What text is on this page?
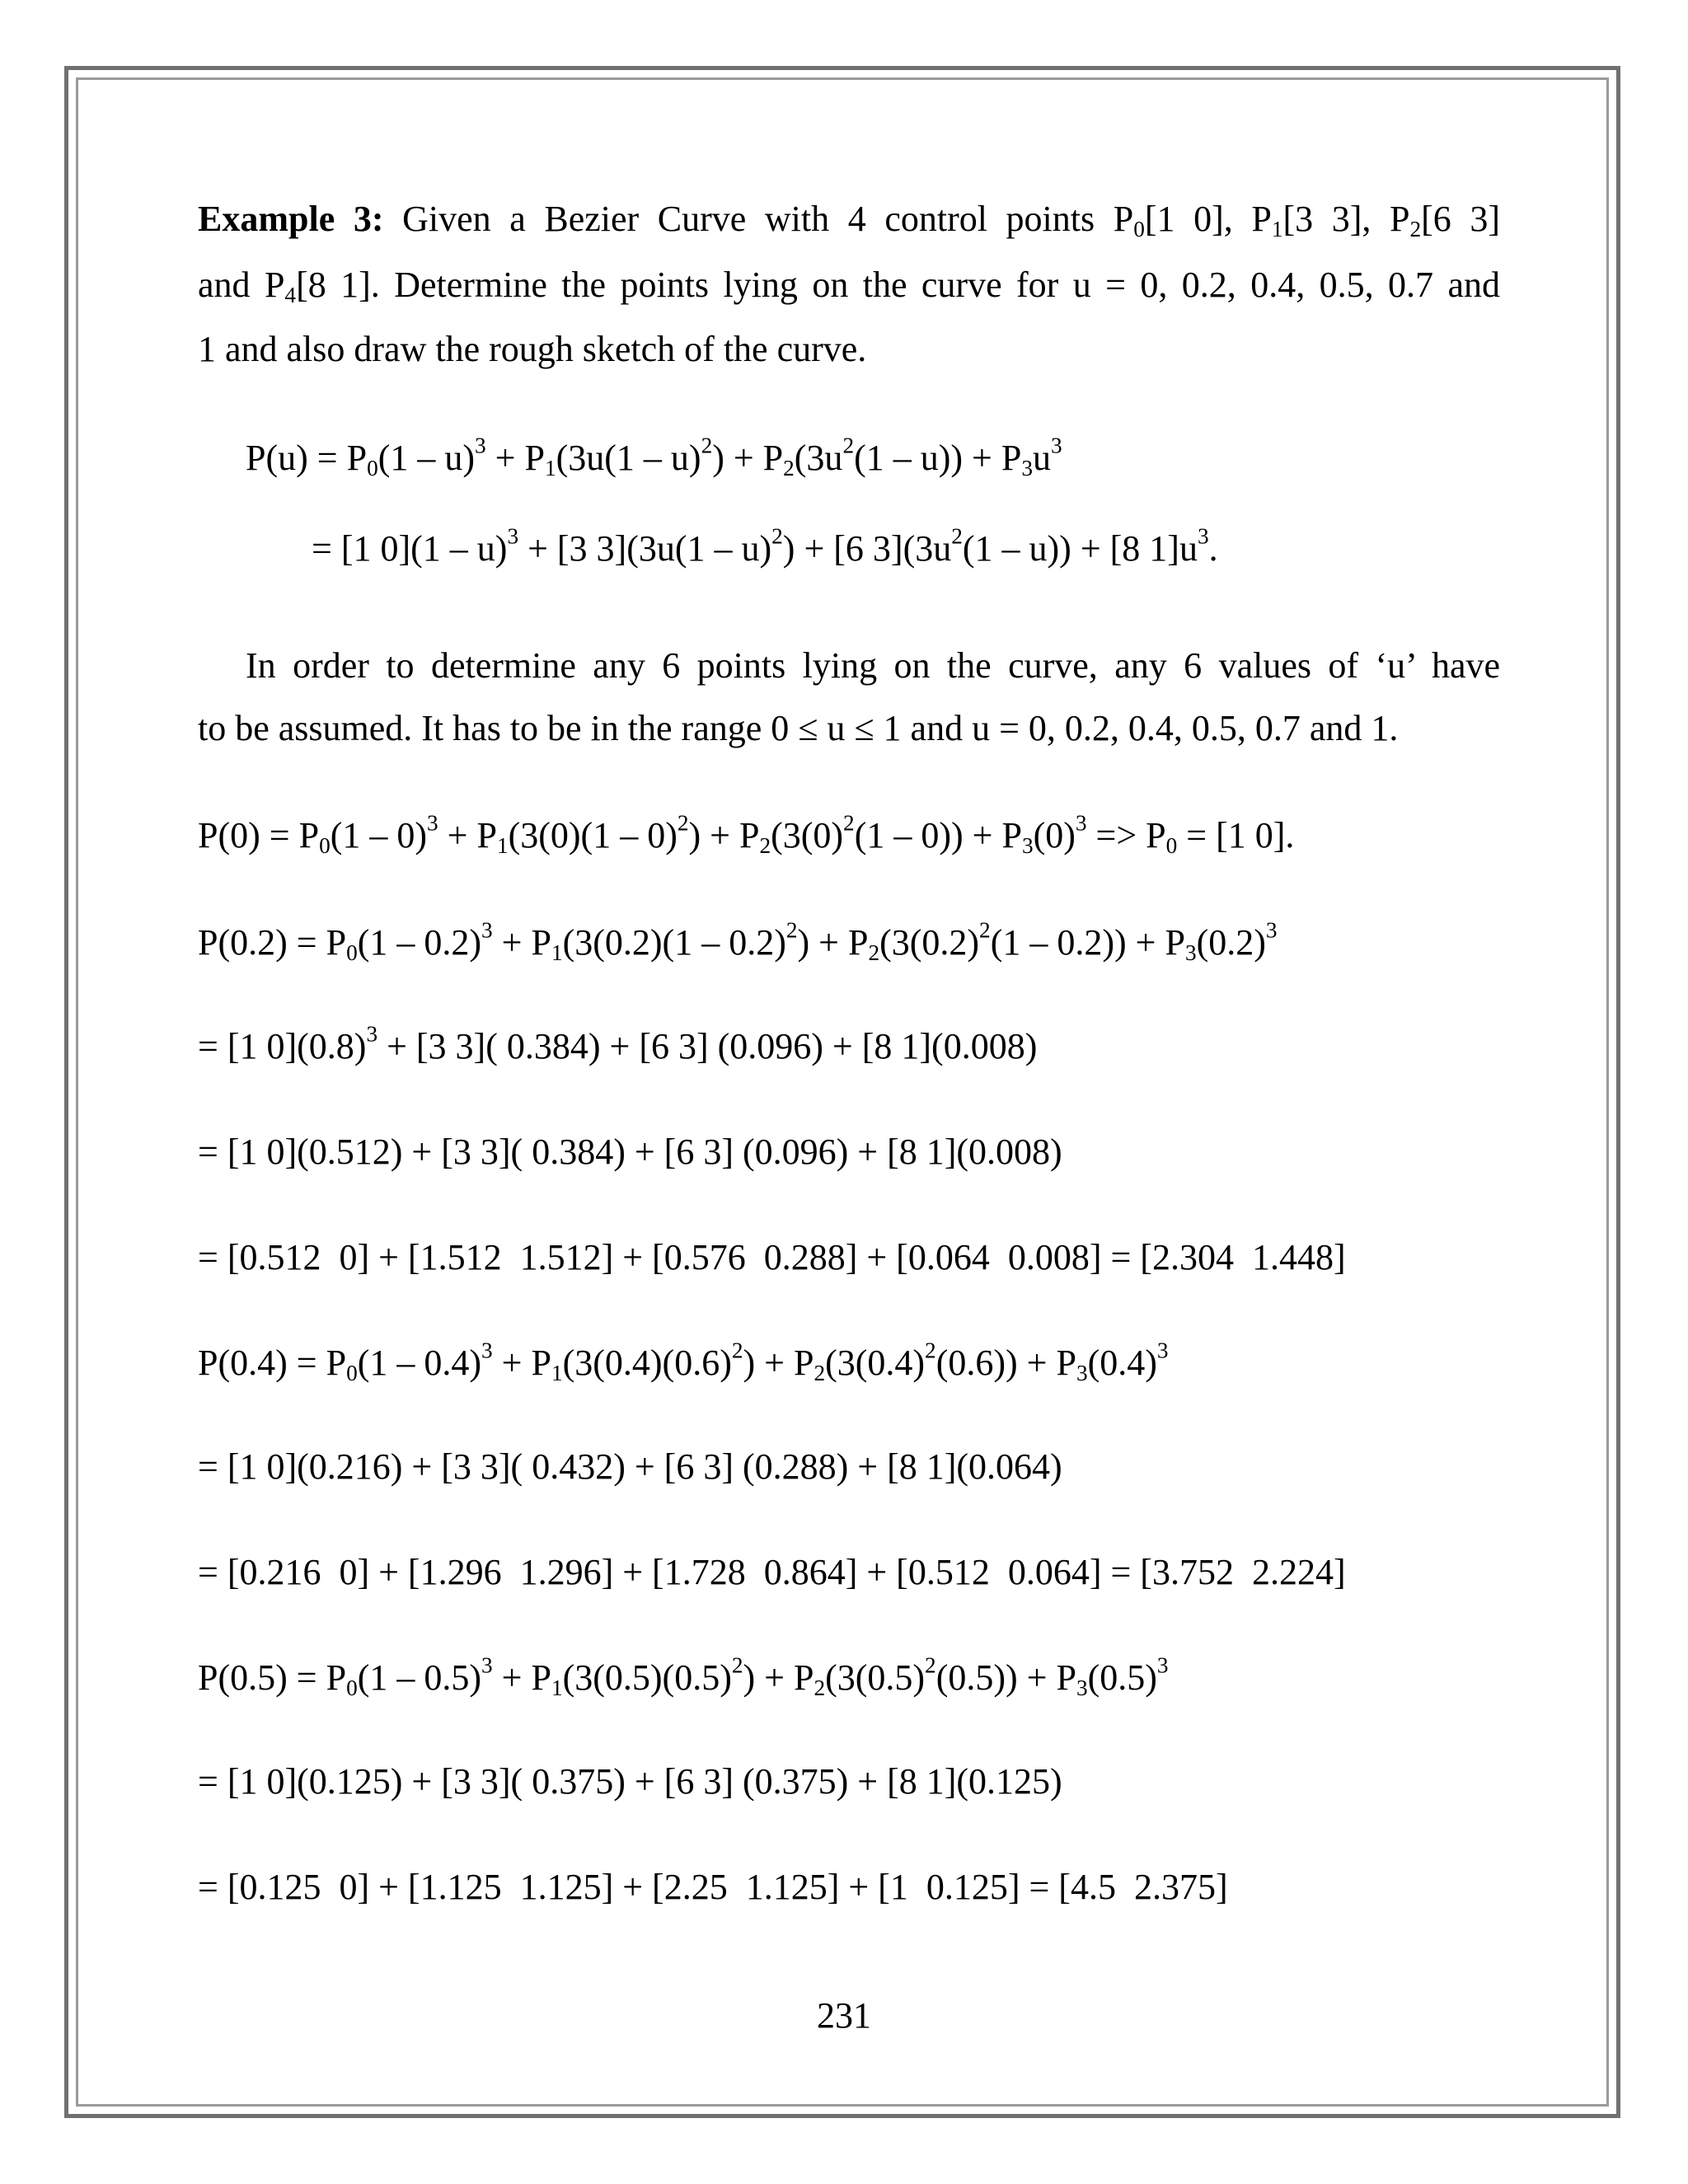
Example 3: Given a Bezier Curve with 4 control points $P_0[1$ 0], $P_1[3$ 3], $P_2[6$ 3]
and $P_4[8$ 1]. Determine the points lying on the curve for u = 0, 0.2, 0.4, 0.5, 0.7 and
1 and also draw the rough sketch of the curve.
$P(u) = P_0(1 - u)^3 + P_1(3u(1 - u)^2) + P_2(3u^2(1 - u)) + P_3u^3$
= [1 0](1 – u)$^3$ + [3 3](3u(1 – u)$^2$) + [6 $3](3u^2(1 - u)) + [8$ $1]u^3$.
In order to determine any 6 points lying on the curve, any 6 values of ‘u’ have
to be assumed. It has to be in the range 0 ≤ u ≤ 1 and u = 0, 0.2, 0.4, 0.5, 0.7 and 1.
$P(0) = P_0(1 - 0)^3 + P_1(3(0)(1 - 0)^2) + P_2(3(0)^2(1 - 0)) + P_3(0)^3 => P_0 = [1$ 0].
$P(0.2) = P_0(1 - 0.2)^3 + P_1(3(0.2)(1 - 0.2)^2) + P_2(3(0.2)^2(1 - 0.2)) + P_3(0.2)^3$
= [1 $0](0.8)^3 + [3$ 3]( 0.384) + [6 3] (0.096) + [8 1](0.008)
= [1 0](0.512) + [3 3]( 0.384) + [6 3] (0.096) + [8 1](0.008)
= [0.512  0] + [1.512  1.512] + [0.576  0.288] + [0.064  0.008] = [2.304  1.448]
$P(0.4) = P_0(1 - 0.4)^3 + P_1(3(0.4)(0.6)^2) + P_2(3(0.4)^2(0.6)) + P_3(0.4)^3$
= [1 0](0.216) + [3 3]( 0.432) + [6 3] (0.288) + [8 1](0.064)
= [0.216  0] + [1.296  1.296] + [1.728  0.864] + [0.512  0.064] = [3.752  2.224]
$P(0.5) = P_0(1 - 0.5)^3 + P_1(3(0.5)(0.5)^2) + P_2(3(0.5)^2(0.5)) + P_3(0.5)^3$
= [1 0](0.125) + [3 3]( 0.375) + [6 3] (0.375) + [8 1](0.125)
= [0.125  0] + [1.125  1.125] + [2.25  1.125] + [1  0.125] = [4.5  2.375]
231
